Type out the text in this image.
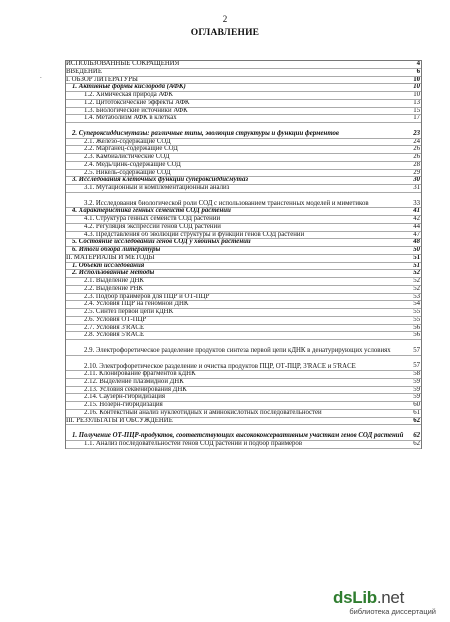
2
ОГЛАВЛЕНИЕ
.
ИСПОЛЬЗОВАННЫЕ СОКРАЩЕНИЯ	4
ВВЕДЕНИЕ	6
I. ОБЗОР ЛИТЕРАТУРЫ	10
1. Активные формы кислорода (АФК)	10
1.2. Химическая природа АФК	10
1.2. Цитотоксические эффекты АФК	13
1.3. Биологические источники АФК	15
1.4. Метаболизм АФК в клетках	17
2. Супероксиддисмутазы: различные типы, эволюция структуры и функции ферментов	23
2.1. Железо-содержащие СОД	24
2.2. Марганец-содержащие СОД	26
2.3. Камбиалистические СОД	26
2.4. Медь/цинк-содержащие СОД	28
2.5. Никель-содержащие СОД	29
3. Исследования клеточных функций супероксиддисмутаз	30
3.1. Мутационный и комплементационный анализ	31
3.2. Исследования биологической роли СОД с использованием трансгенных моделей и миметиков	33
4. Характеристика генных семейств СОД растений	41
4.1. Структура генных семейств СОД растений	42
4.2. Регуляция экспрессии генов СОД растений	44
4.3. Представления об эволюции структуры и функции генов СОД растений	47
5. Состояние исследований генов СОД у хвойных растений	48
6. Итоги обзора литературы	50
II. МАТЕРИАЛЫ И МЕТОДЫ	51
1. Объект исследования	51
2. Использованные методы	52
2.1. Выделение ДНК	52
2.2. Выделение РНК	52
2.3. Подбор праймеров для ПЦР и ОТ-ПЦР	53
2.4. Условия ПЦР на геномной ДНК	54
2.5. Синтез первой цепи кДНК	55
2.6. Условия ОТ-ПЦР	55
2.7. Условия 3'RACE	56
2.8. Условия 5'RACE	56
2.9. Электрофоретическое разделение продуктов синтеза первой цепи кДНК в денатурирующих условиях	57
2.10. Электрофоретическое разделение и очистка продуктов ПЦР, ОТ-ПЦР, 3'RACE и 5'RACE	57
2.11. Клонирование фрагментов кДНК	58
2.12. Выделение плазмидной ДНК	59
2.13. Условия секвенирования ДНК	59
2.14. Саузерн-гибридизация	59
2.15. Нозерн-гибридизация	60
2.16. Контекстный анализ нуклеотидных и аминокислотных последовательностей	61
III. РЕЗУЛЬТАТЫ И ОБСУЖДЕНИЕ	62
1. Получение ОТ-ПЦР-продуктов, соответствующих высококонсервативным участкам генов СОД растений	62
1.1. Анализ последовательностей генов СОД растений и подбор праймеров	62
dsLib.net
библиотека диссертаций
